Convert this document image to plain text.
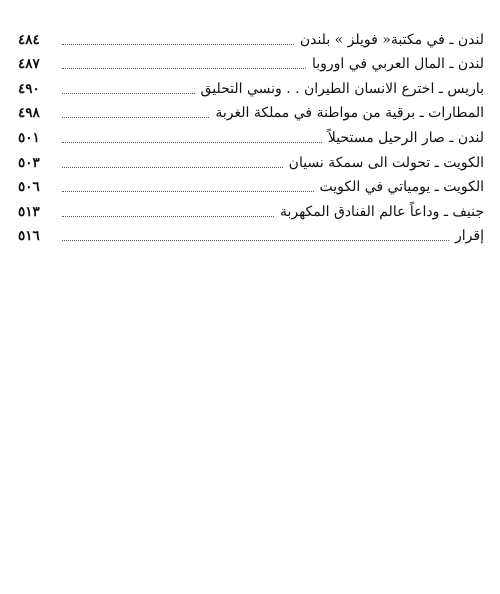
لندن ـ في مكتبة« فويلز » بلندن
٤٨٤
لندن ـ المال العربي في اوروبا
٤٨٧
باريس ـ اخترع الانسان الطيران . . ونسي التحليق
٤٩٠
المطارات ـ برقية من مواطنة في مملكة الغربة
٤٩٨
لندن ـ صار الرحيل مستحيلاً
٥٠١
الكويت ـ تحولت الى سمكة نسيان
٥٠٣
الكويت ـ يومياتي في الكويت
٥٠٦
جنيف ـ وداعاً عالم الفنادق المكهربة
٥١٣
إقرار
٥١٦
